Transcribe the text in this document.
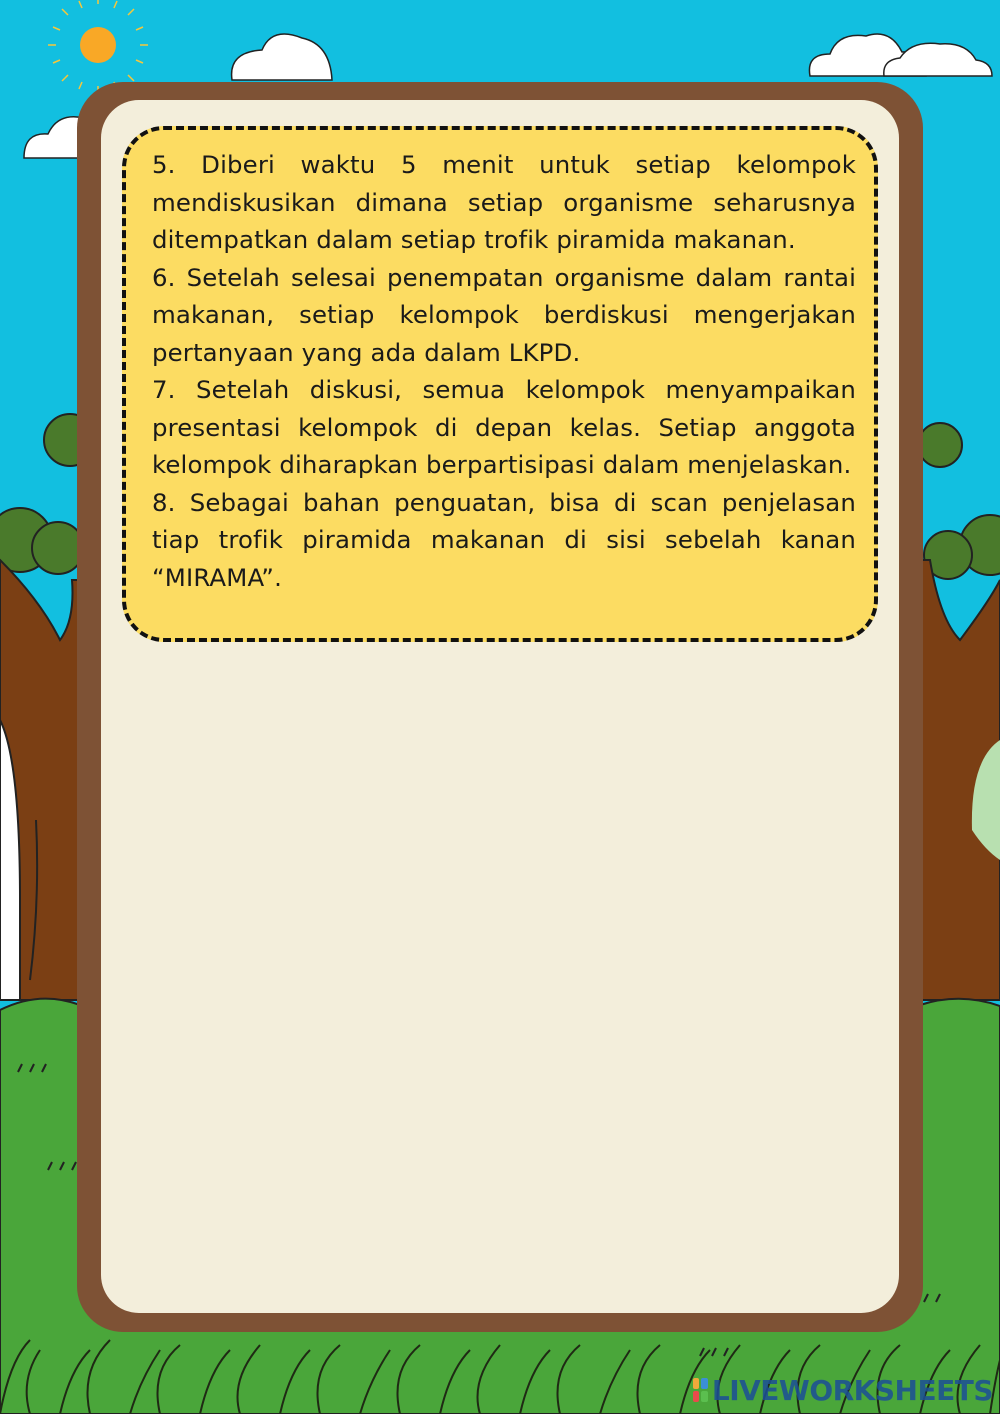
5. Diberi waktu 5 menit untuk setiap kelompok mendiskusikan dimana setiap organisme seharusnya ditempatkan dalam setiap trofik piramida makanan.

6. Setelah selesai penempatan organisme dalam rantai makanan, setiap kelompok berdiskusi mengerjakan pertanyaan yang ada dalam LKPD.

7. Setelah diskusi, semua kelompok menyampaikan presentasi kelompok di depan kelas. Setiap anggota kelompok diharapkan berpartisipasi dalam menjelaskan.

8. Sebagai bahan penguatan, bisa di scan penjelasan tiap trofik piramida makanan di sisi sebelah kanan “MIRAMA”.

LIVEWORKSHEETS
